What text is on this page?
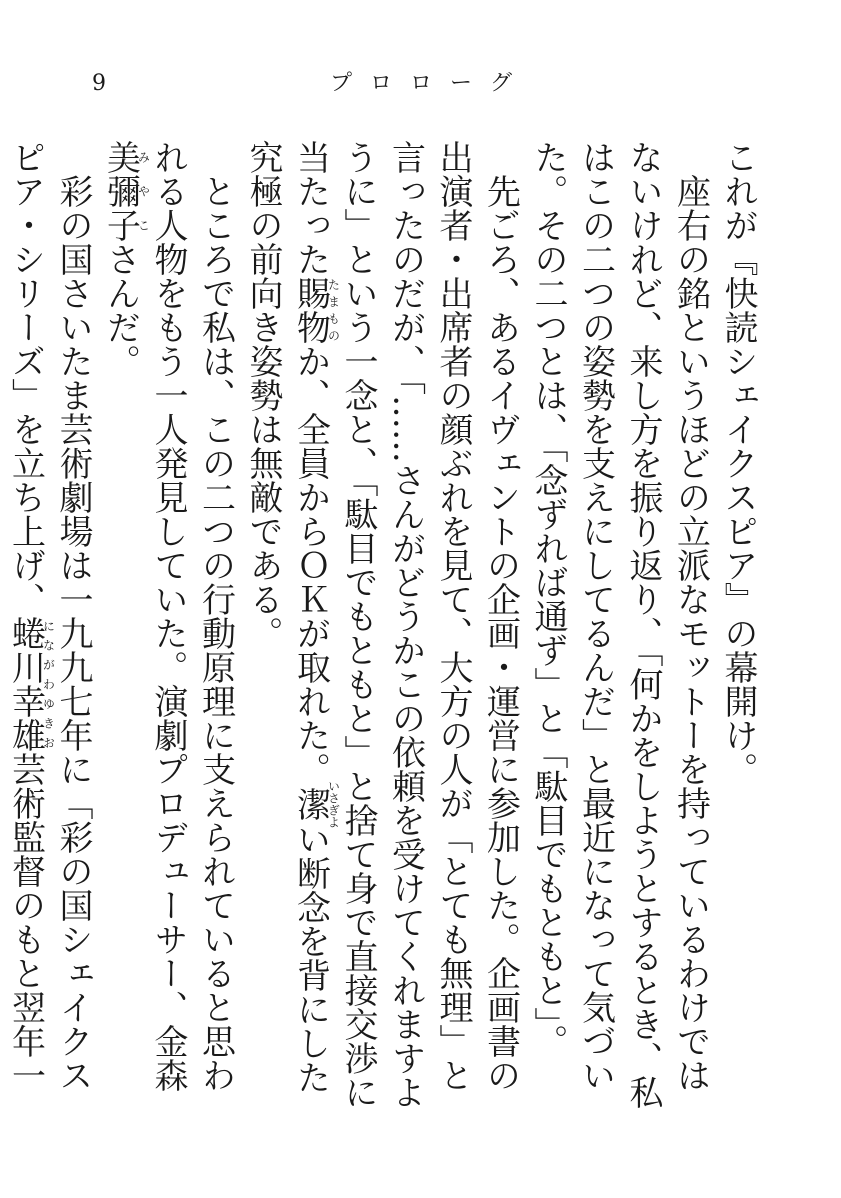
9	プロローグ

これが『快読シェイクスピア』の幕開け。

座右の銘というほどの立派なモットーを持っているわけではないけれど、来し方を振り返り、「何かをしようとするとき、私はこの二つの姿勢を支えにしてるんだ」と最近になって気づいた。その二つとは、「念ずれば通ず」と「駄目でもともと」。

先ごろ、あるイヴェントの企画・運営に参加した。企画書の出演者・出席者の顔ぶれを見て、大方の人が「とても無理」と言ったのだが、「……さんがどうかこの依頼を受けてくれますように」という一念と、「駄目でもともと」と捨て身で直接交渉に当たった賜物たまものか、全員からＯＫが取れた。潔いさぎよい断念を背にした究極の前向き姿勢は無敵である。

ところで私は、この二つの行動原理に支えられていると思われる人物をもう一人発見していた。演劇プロデューサー、金森美彌子みやこさんだ。

彩の国さいたま芸術劇場は一九九七年に「彩の国シェイクスピア・シリーズ」を立ち上げ、蜷川幸雄にながわゆきお芸術監督のもと翌年一
